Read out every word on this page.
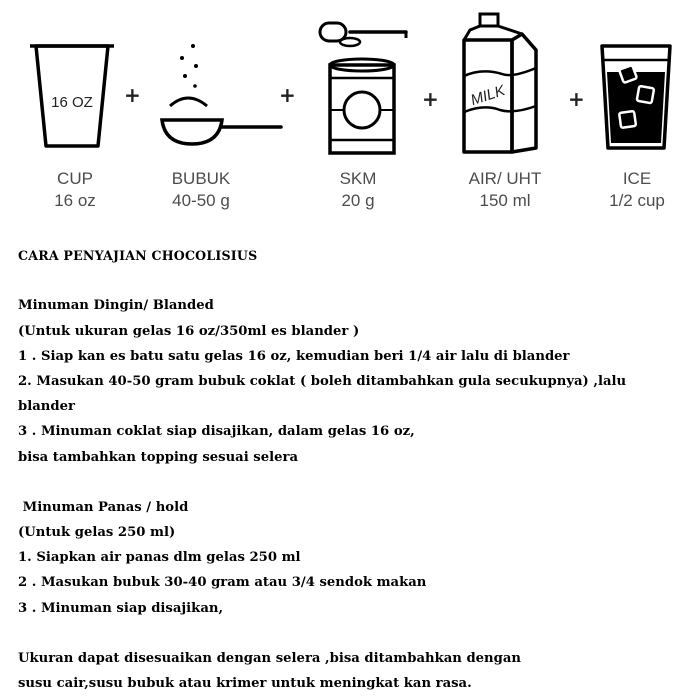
16 OZ +	+	+ MILK	+
CUP
16 oz
BUBUK
40-50 g
SKM
20 g
AIR/ UHT
150 ml
ICE
1/2 cup
CARA PENYAJIAN CHOCOLISIUS
Minuman Dingin/ Blanded
(Untuk ukuran gelas 16 oz/350ml es blander )
1 . Siap kan es batu satu gelas 16 oz, kemudian beri 1/4 air lalu di blander
2. Masukan 40-50 gram bubuk coklat ( boleh ditambahkan gula secukupnya) ,lalu
blander
3 . Minuman coklat siap disajikan, dalam gelas 16 oz,
bisa tambahkan topping sesuai selera
Minuman Panas / hold
(Untuk gelas 250 ml)
1. Siapkan air panas dlm gelas 250 ml
2 . Masukan bubuk 30-40 gram atau 3/4 sendok makan
3 . Minuman siap disajikan,
Ukuran dapat disesuaikan dengan selera ,bisa ditambahkan dengan
susu cair,susu bubuk atau krimer untuk meningkat kan rasa.
